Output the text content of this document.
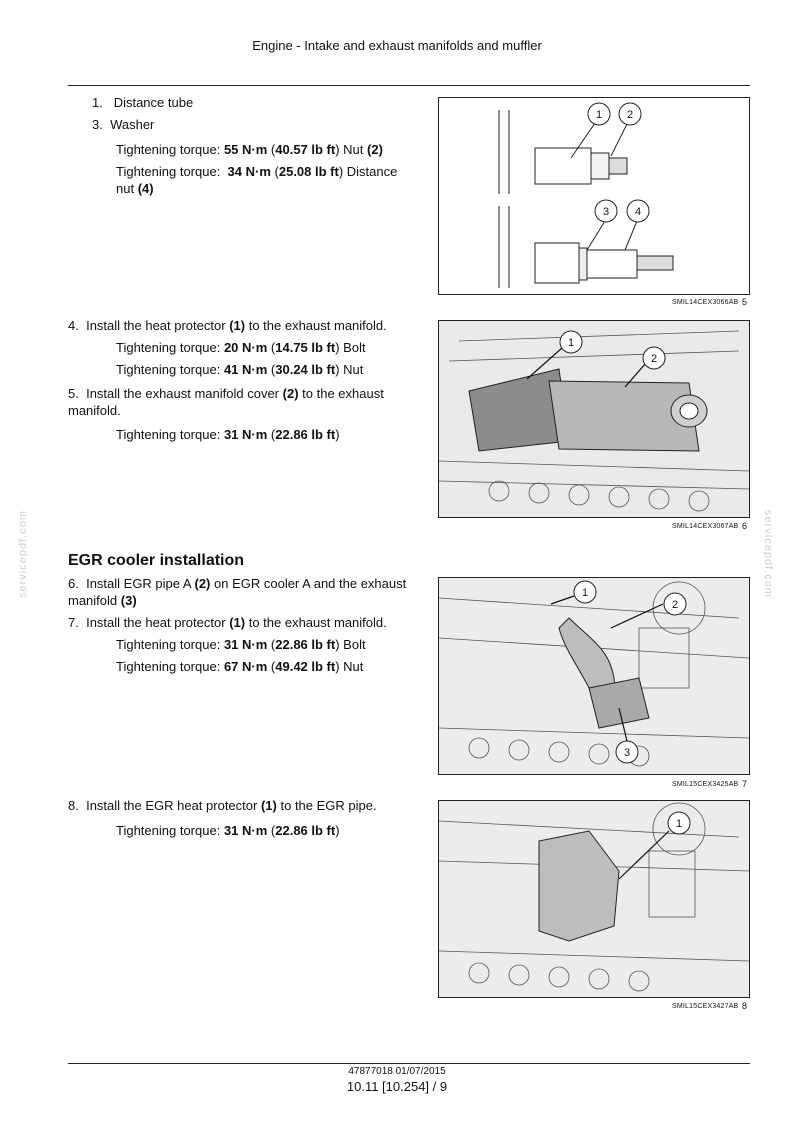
Engine - Intake and exhaust manifolds and muffler
servicepdf.com	servicepdf.com
1. Distance tube
3. Washer
Tightening torque: 55 N·m (40.57 lb ft) Nut (2)
Tightening torque: 34 N·m (25.08 lb ft) Distance nut (4)
1 2
3 4
SMIL14CEX3066AB 5
4. Install the heat protector (1) to the exhaust manifold.
Tightening torque: 20 N·m (14.75 lb ft) Bolt
Tightening torque: 41 N·m (30.24 lb ft) Nut
5. Install the exhaust manifold cover (2) to the exhaust manifold.
Tightening torque: 31 N·m (22.86 lb ft)
1
2
SMIL14CEX3067AB 6
EGR cooler installation
6. Install EGR pipe A (2) on EGR cooler A and the exhaust manifold (3)
7. Install the heat protector (1) to the exhaust manifold.
Tightening torque: 31 N·m (22.86 lb ft) Bolt
Tightening torque: 67 N·m (49.42 lb ft) Nut
1
2
3
SMIL15CEX3425AB 7
8. Install the EGR heat protector (1) to the EGR pipe.
Tightening torque: 31 N·m (22.86 lb ft)	1
SMIL15CEX3427AB 8
47877018 01/07/2015
10.11 [10.254] / 9
